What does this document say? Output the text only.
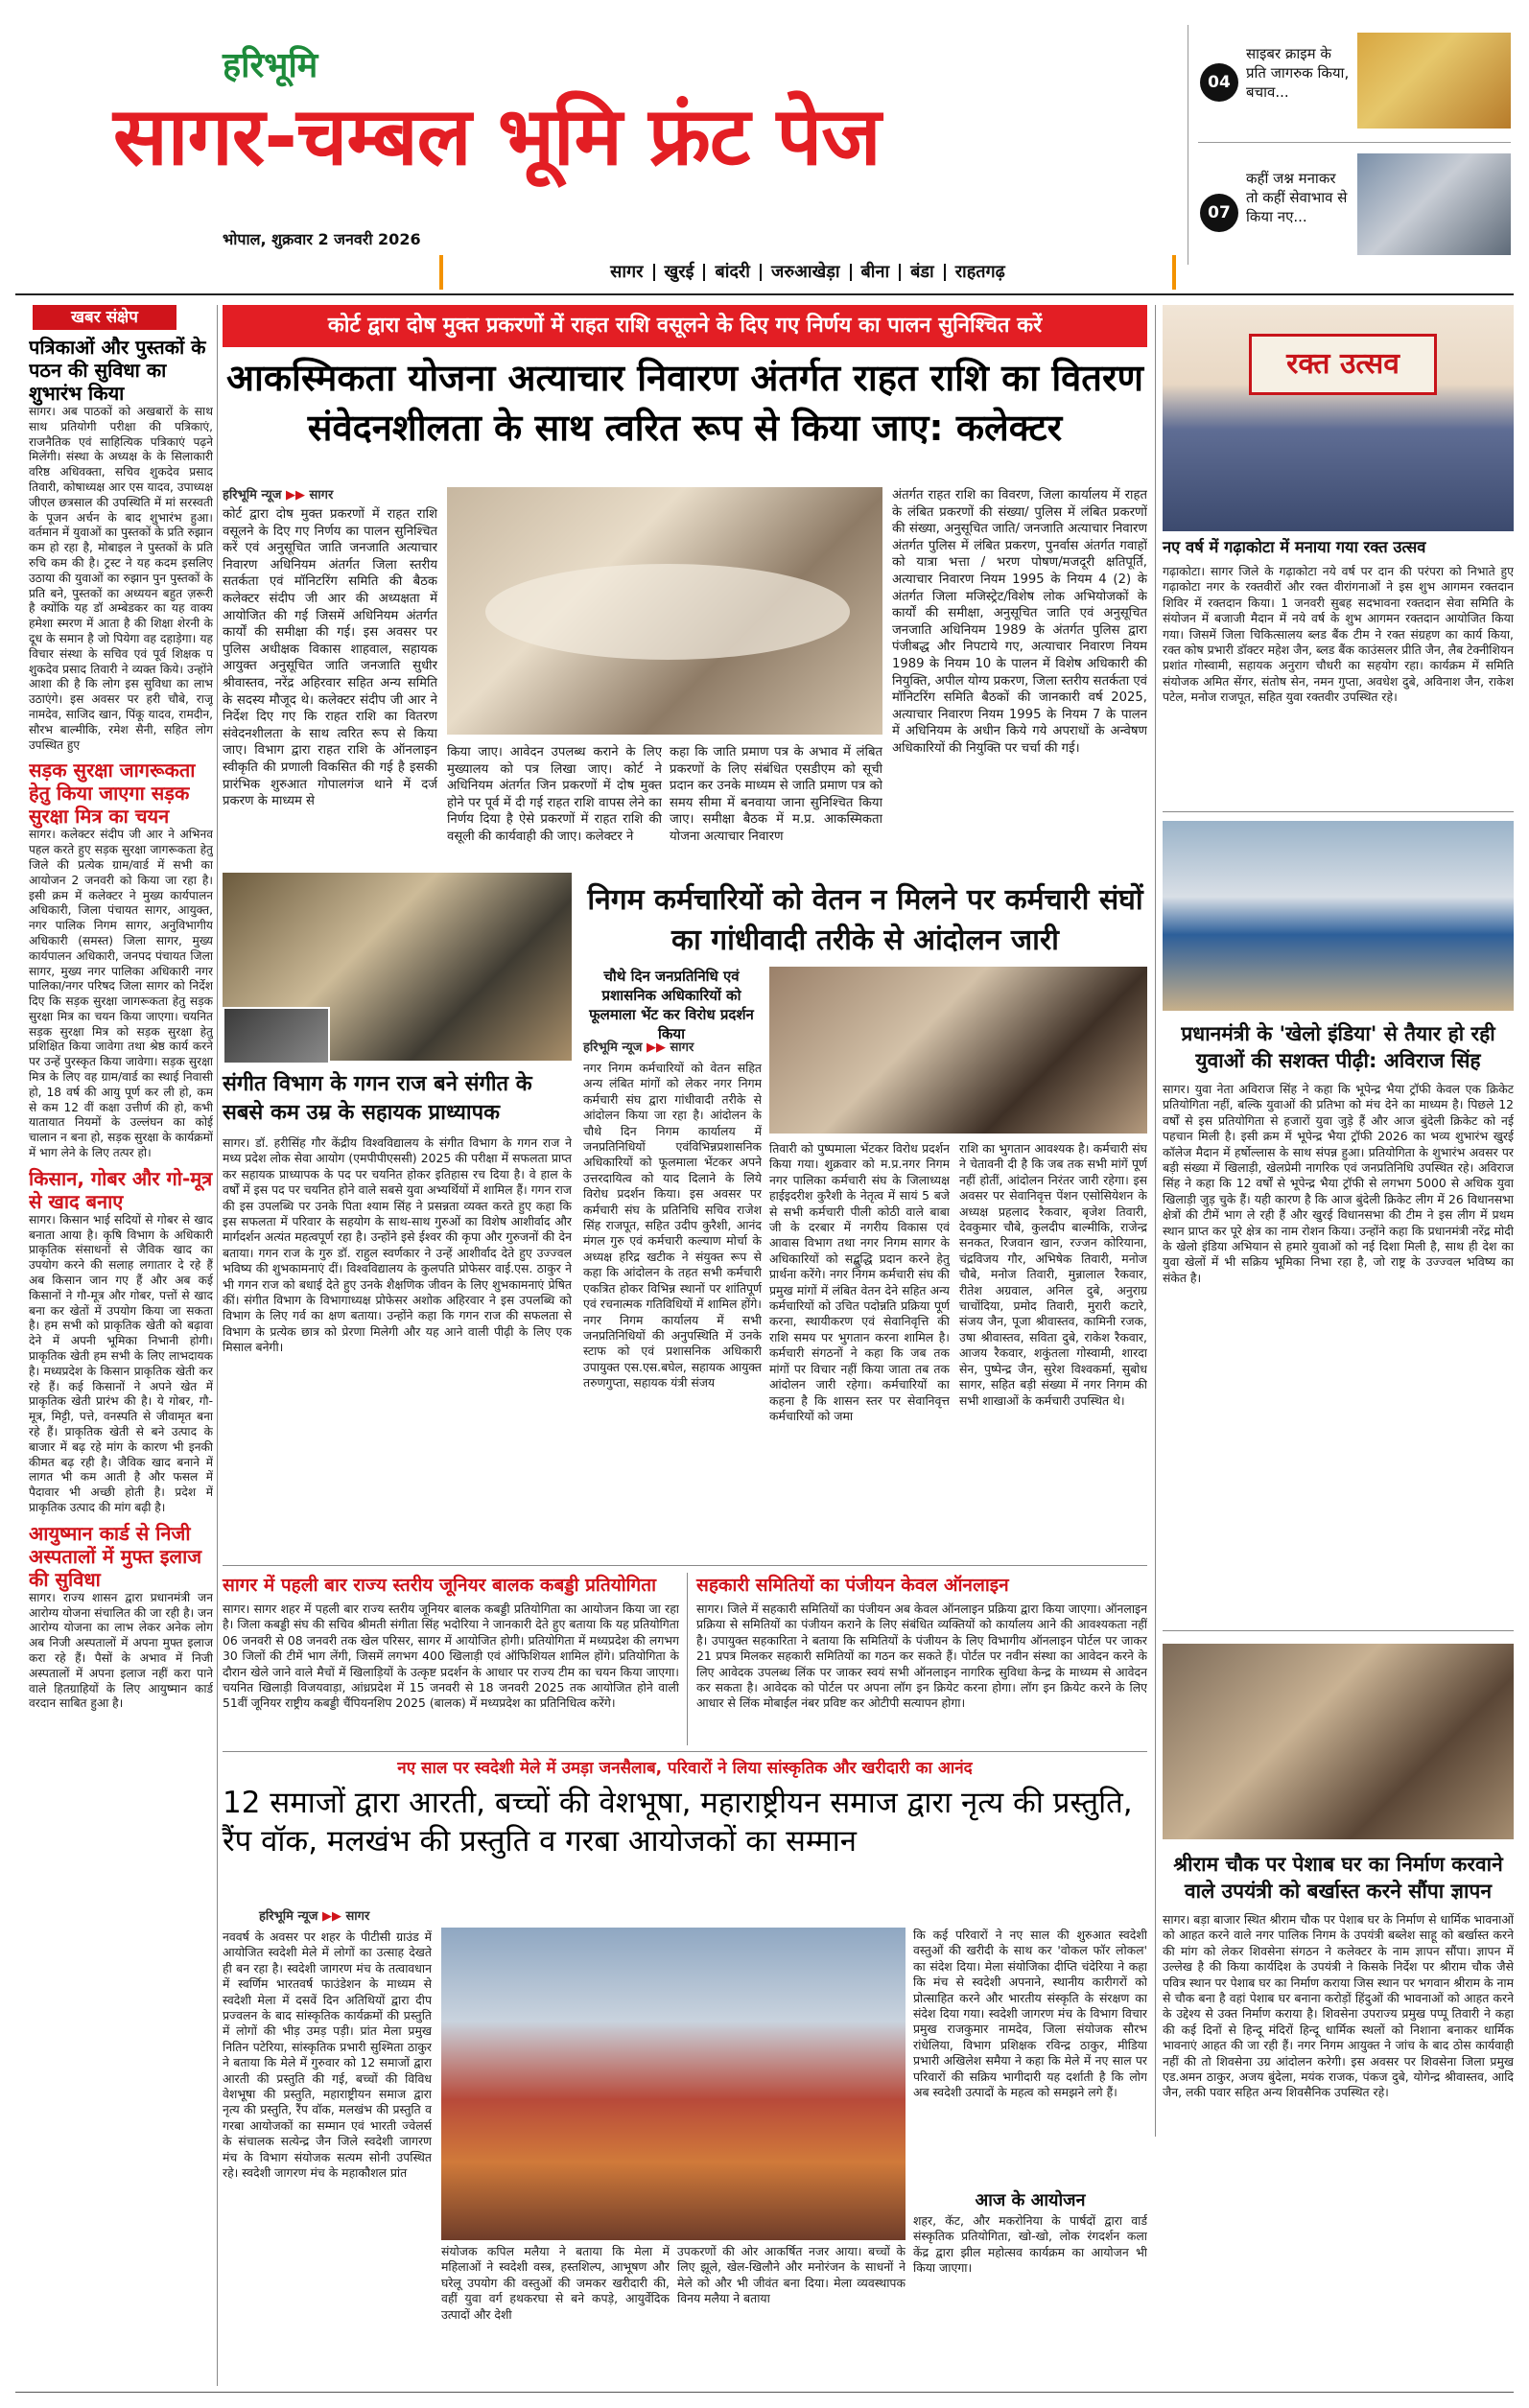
हरिभूमि
सागर-चम्बल भूमि फ्रंट पेज
भोपाल, शुक्रवार 2 जनवरी 2026
सागर	खुरई	बांदरी	जरुआखेड़ा	बीना	बंडा	राहतगढ़
04
साइबर क्राइम के प्रति जागरुक किया, बचाव...
07
कहीं जश्न मनाकर तो कहीं सेवाभाव से किया नए...
खबर संक्षेप
पत्रिकाओं और पुस्तकों के पठन की सुविधा का शुभारंभ किया
सागर। अब पाठकों को अखबारों के साथ साथ प्रतियोगी परीक्षा की पत्रिकाएं, राजनैतिक एवं साहित्यिक पत्रिकाएं पढ़ने मिलेंगी। संस्था के अध्यक्ष के के सिलाकारी वरिष्ठ अधिवक्ता, सचिव शुकदेव प्रसाद तिवारी, कोषाध्यक्ष आर एस यादव, उपाध्यक्ष जीएल छत्रसाल की उपस्थिति में मां सरस्वती के पूजन अर्चन के बाद शुभारंभ हुआ। वर्तमान में युवाओं का पुस्तकों के प्रति रुझान कम हो रहा है, मोबाइल ने पुस्तकों के प्रति रुचि कम की है। ट्रस्ट ने यह कदम इसलिए उठाया की युवाओं का रुझान पुन पुस्तकों के प्रति बने, पुस्तकों का अध्ययन बहुत ज़रूरी है क्योंकि यह डॉ अम्बेडकर का यह वाक्य हमेशा स्मरण में आता है की शिक्षा शेरनी के दूध के समान है जो पियेगा वह दहाड़ेगा। यह विचार संस्था के सचिव एवं पूर्व शिक्षक प शुकदेव प्रसाद तिवारी ने व्यक्त किये। उन्होंने आशा की है कि लोग इस सुविधा का लाभ उठाएंगे। इस अवसर पर हरी चौबे, राजू नामदेव, साजिद खान, पिंकू यादव, रामदीन, सौरभ बाल्मीकि, रमेश सैनी, सहित लोग उपस्थित हुए
सड़क सुरक्षा जागरूकता हेतु किया जाएगा सड़क सुरक्षा मित्र का चयन
सागर। कलेक्टर संदीप जी आर ने अभिनव पहल करते हुए सड़क सुरक्षा जागरूकता हेतु जिले की प्रत्येक ग्राम/वार्ड में सभी का आयोजन 2 जनवरी को किया जा रहा है। इसी क्रम में कलेक्टर ने मुख्य कार्यपालन अधिकारी, जिला पंचायत सागर, आयुक्त, नगर पालिक निगम सागर, अनुविभागीय अधिकारी (समस्त) जिला सागर, मुख्य कार्यपालन अधिकारी, जनपद पंचायत जिला सागर, मुख्य नगर पालिका अधिकारी नगर पालिका/नगर परिषद जिला सागर को निर्देश दिए कि सड़क सुरक्षा जागरूकता हेतु सड़क सुरक्षा मित्र का चयन किया जाएगा। चयनित सड़क सुरक्षा मित्र को सड़क सुरक्षा हेतु प्रशिक्षित किया जावेगा तथा श्रेष्ठ कार्य करने पर उन्हें पुरस्कृत किया जावेगा। सड़क सुरक्षा मित्र के लिए वह ग्राम/वार्ड का स्थाई निवासी हो, 18 वर्ष की आयु पूर्ण कर ली हो, कम से कम 12 वीं कक्षा उत्तीर्ण की हो, कभी यातायात नियमों के उल्लंघन का कोई चालान न बना हो, सड़क सुरक्षा के कार्यक्रमों में भाग लेने के लिए तत्पर हो।
किसान, गोबर और गो-मूत्र से खाद बनाए
सागर। किसान भाई सदियों से गोबर से खाद बनाता आया है। कृषि विभाग के अधिकारी प्राकृतिक संसाधनों से जैविक खाद का उपयोग करने की सलाह लगातार दे रहे हैं अब किसान जान गए हैं और अब कई किसानों ने गौ-मूत्र और गोबर, पत्तों से खाद बना कर खेतों में उपयोग किया जा सकता है। हम सभी को प्राकृतिक खेती को बढ़ावा देने में अपनी भूमिका निभानी होगी। प्राकृतिक खेती हम सभी के लिए लाभदायक है। मध्यप्रदेश के किसान प्राकृतिक खेती कर रहे हैं। कई किसानों ने अपने खेत में प्राकृतिक खेती प्रारंभ की है। ये गोबर, गौ-मूत्र, मिट्टी, पत्ते, वनस्पति से जीवामृत बना रहे हैं। प्राकृतिक खेती से बने उत्पाद के बाजार में बढ़ रहे मांग के कारण भी इनकी कीमत बढ़ रही है। जैविक खाद बनाने में लागत भी कम आती है और फसल में पैदावार भी अच्छी होती है। प्रदेश में प्राकृतिक उत्पाद की मांग बढ़ी है।
आयुष्मान कार्ड से निजी अस्पतालों में मुफ्त इलाज की सुविधा
सागर। राज्य शासन द्वारा प्रधानमंत्री जन आरोग्य योजना संचालित की जा रही है। जन आरोग्य योजना का लाभ लेकर अनेक लोग अब निजी अस्पतालों में अपना मुफ्त इलाज करा रहे हैं। पैसों के अभाव में निजी अस्पतालों में अपना इलाज नहीं करा पाने वाले हितग्राहियों के लिए आयुष्मान कार्ड वरदान साबित हुआ है।
कोर्ट द्वारा दोष मुक्त प्रकरणों में राहत राशि वसूलने के दिए गए निर्णय का पालन सुनिश्चित करें
आकस्मिकता योजना अत्याचार निवारण अंतर्गत राहत राशि का वितरण संवेदनशीलता के साथ त्वरित रूप से किया जाए: कलेक्टर
हरिभूमि न्यूज ▶▶ सागर
कोर्ट द्वारा दोष मुक्त प्रकरणों में राहत राशि वसूलने के दिए गए निर्णय का पालन सुनिश्चित करें एवं अनुसूचित जाति जनजाति अत्याचार निवारण अधिनियम अंतर्गत जिला स्तरीय सतर्कता एवं मॉनिटरिंग समिति की बैठक कलेक्टर संदीप जी आर की अध्यक्षता में आयोजित की गई जिसमें अधिनियम अंतर्गत कार्यों की समीक्षा की गई। इस अवसर पर पुलिस अधीक्षक विकास शाहवाल, सहायक आयुक्त अनुसूचित जाति जनजाति सुधीर श्रीवास्तव, नरेंद्र अहिरवार सहित अन्य समिति के सदस्य मौजूद थे। कलेक्टर संदीप जी आर ने निर्देश दिए गए कि राहत राशि का वितरण संवेदनशीलता के साथ त्वरित रूप से किया जाए। विभाग द्वारा राहत राशि के ऑनलाइन स्वीकृति की प्रणाली विकसित की गई है इसकी प्रारंभिक शुरुआत गोपालगंज थाने में दर्ज प्रकरण के माध्यम से
किया जाए। आवेदन उपलब्ध कराने के लिए मुख्यालय को पत्र लिखा जाए। कोर्ट ने अधिनियम अंतर्गत जिन प्रकरणों में दोष मुक्त होने पर पूर्व में दी गई राहत राशि वापस लेने का निर्णय दिया है ऐसे प्रकरणों में राहत राशि की वसूली की कार्यवाही की जाए। कलेक्टर ने
कहा कि जाति प्रमाण पत्र के अभाव में लंबित प्रकरणों के लिए संबंधित एसडीएम को सूची प्रदान कर उनके माध्यम से जाति प्रमाण पत्र को समय सीमा में बनवाया जाना सुनिश्चित किया जाए। समीक्षा बैठक में म.प्र. आकस्मिकता योजना अत्याचार निवारण
अंतर्गत राहत राशि का विवरण, जिला कार्यालय में राहत के लंबित प्रकरणों की संख्या/ पुलिस में लंबित प्रकरणों की संख्या, अनुसूचित जाति/ जनजाति अत्याचार निवारण अंतर्गत पुलिस में लंबित प्रकरण, पुनर्वास अंतर्गत गवाहों को यात्रा भत्ता / भरण पोषण/मजदूरी क्षतिपूर्ति, अत्याचार निवारण नियम 1995 के नियम 4 (2) के अंतर्गत जिला मजिस्ट्रेट/विशेष लोक अभियोजकों के कार्यों की समीक्षा, अनुसूचित जाति एवं अनुसूचित जनजाति अधिनियम 1989 के अंतर्गत पुलिस द्वारा पंजीबद्ध और निपटाये गए, अत्याचार निवारण नियम 1989 के नियम 10 के पालन में विशेष अधिकारी की नियुक्ति, अपील योग्य प्रकरण, जिला स्तरीय सतर्कता एवं मॉनिटरिंग समिति बैठकों की जानकारी वर्ष 2025, अत्याचार निवारण नियम 1995 के नियम 7 के पालन में अधिनियम के अधीन किये गये अपराधों के अन्वेषण अधिकारियों की नियुक्ति पर चर्चा की गई।
रक्त उत्सव
नए वर्ष में गढ़ाकोटा में मनाया गया रक्त उत्सव
गढ़ाकोटा। सागर जिले के गढ़ाकोटा नये वर्ष पर दान की परंपरा को निभाते हुए गढ़ाकोटा नगर के रक्तवीरों और रक्त वीरांगनाओं ने इस शुभ आगमन रक्तदान शिविर में रक्तदान किया। 1 जनवरी सुबह सदभावना रक्तदान सेवा समिति के संयोजन में बजाजी मैदान में नये वर्ष के शुभ आगमन रक्तदान आयोजित किया गया। जिसमें जिला चिकित्सालय ब्लड बैंक टीम ने रक्त संग्रहण का कार्य किया, रक्त कोष प्रभारी डॉक्टर महेश जैन, ब्लड बैंक काउंसलर प्रीति जैन, लैब टेक्नीशियन प्रशांत गोस्वामी, सहायक अनुराग चौधरी का सहयोग रहा। कार्यक्रम में समिति संयोजक अमित सेंगर, संतोष सेन, नमन गुप्ता, अवधेश दुबे, अविनाश जैन, राकेश पटेल, मनोज राजपूत, सहित युवा रक्तवीर उपस्थित रहे।
प्रधानमंत्री के 'खेलो इंडिया' से तैयार हो रही युवाओं की सशक्त पीढ़ी: अविराज सिंह
सागर। युवा नेता अविराज सिंह ने कहा कि भूपेन्द्र भैया ट्रॉफी केवल एक क्रिकेट प्रतियोगिता नहीं, बल्कि युवाओं की प्रतिभा को मंच देने का माध्यम है। पिछले 12 वर्षों से इस प्रतियोगिता से हजारों युवा जुड़े हैं और आज बुंदेली क्रिकेट को नई पहचान मिली है। इसी क्रम में भूपेन्द्र भैया ट्रॉफी 2026 का भव्य शुभारंभ खुरई कॉलेज मैदान में हर्षोल्लास के साथ संपन्न हुआ। प्रतियोगिता के शुभारंभ अवसर पर बड़ी संख्या में खिलाड़ी, खेलप्रेमी नागरिक एवं जनप्रतिनिधि उपस्थित रहे। अविराज सिंह ने कहा कि 12 वर्षों से भूपेन्द्र भैया ट्रॉफी से लगभग 5000 से अधिक युवा खिलाड़ी जुड़ चुके हैं। यही कारण है कि आज बुंदेली क्रिकेट लीग में 26 विधानसभा क्षेत्रों की टीमें भाग ले रही हैं और खुरई विधानसभा की टीम ने इस लीग में प्रथम स्थान प्राप्त कर पूरे क्षेत्र का नाम रोशन किया। उन्होंने कहा कि प्रधानमंत्री नरेंद्र मोदी के खेलो इंडिया अभियान से हमारे युवाओं को नई दिशा मिली है, साथ ही देश का युवा खेलों में भी सक्रिय भूमिका निभा रहा है, जो राष्ट्र के उज्ज्वल भविष्य का संकेत है।
संगीत विभाग के गगन राज बने संगीत के सबसे कम उम्र के सहायक प्राध्यापक
सागर। डॉ. हरीसिंह गौर केंद्रीय विश्वविद्यालय के संगीत विभाग के गगन राज ने मध्य प्रदेश लोक सेवा आयोग (एमपीपीएससी) 2025 की परीक्षा में सफलता प्राप्त कर सहायक प्राध्यापक के पद पर चयनित होकर इतिहास रच दिया है। वे हाल के वर्षों में इस पद पर चयनित होने वाले सबसे युवा अभ्यर्थियों में शामिल हैं। गगन राज की इस उपलब्धि पर उनके पिता श्याम सिंह ने प्रसन्नता व्यक्त करते हुए कहा कि इस सफलता में परिवार के सहयोग के साथ-साथ गुरुओं का विशेष आशीर्वाद और मार्गदर्शन अत्यंत महत्वपूर्ण रहा है। उन्होंने इसे ईश्वर की कृपा और गुरुजनों की देन बताया। गगन राज के गुरु डॉ. राहुल स्वर्णकार ने उन्हें आशीर्वाद देते हुए उज्ज्वल भविष्य की शुभकामनाएं दीं। विश्वविद्यालय के कुलपति प्रोफेसर वाई.एस. ठाकुर ने भी गगन राज को बधाई देते हुए उनके शैक्षणिक जीवन के लिए शुभकामनाएं प्रेषित कीं। संगीत विभाग के विभागाध्यक्ष प्रोफेसर अशोक अहिरवार ने इस उपलब्धि को विभाग के लिए गर्व का क्षण बताया। उन्होंने कहा कि गगन राज की सफलता से विभाग के प्रत्येक छात्र को प्रेरणा मिलेगी और यह आने वाली पीढ़ी के लिए एक मिसाल बनेगी।
निगम कर्मचारियों को वेतन न मिलने पर कर्मचारी संघों का गांधीवादी तरीके से आंदोलन जारी
चौथे दिन जनप्रतिनिधि एवं प्रशासनिक अधिकारियों को फूलमाला भेंट कर विरोध प्रदर्शन किया
हरिभूमि न्यूज ▶▶ सागर
नगर निगम कर्मचारियों को वेतन सहित अन्य लंबित मांगों को लेकर नगर निगम कर्मचारी संघ द्वारा गांधीवादी तरीके से आंदोलन किया जा रहा है। आंदोलन के चौथे दिन निगम कार्यालय में जनप्रतिनिधियों एवंविभिन्नप्रशासनिक अधिकारियों को फूलमाला भेंटकर अपने उत्तरदायित्व को याद दिलाने के लिये विरोध प्रदर्शन किया। इस अवसर पर कर्मचारी संघ के प्रतिनिधि सचिव राजेश सिंह राजपूत, सहित उदीप कुरैशी, आनंद मंगल गुरु एवं कर्मचारी कल्याण मोर्चा के अध्यक्ष हरिद्र खटीक ने संयुक्त रूप से कहा कि आंदोलन के तहत सभी कर्मचारी एकत्रित होकर विभिन्न स्थानों पर शांतिपूर्ण एवं रचनात्मक गतिविधियों में शामिल होंगे। नगर निगम कार्यालय में सभी जनप्रतिनिधियों की अनुपस्थिति में उनके स्टाफ को एवं प्रशासनिक अधिकारी उपायुक्त एस.एस.बघेल, सहायक आयुक्त तरुणगुप्ता, सहायक यंत्री संजय
तिवारी को पुष्पमाला भेंटकर विरोध प्रदर्शन किया गया। शुक्रवार को म.प्र.नगर निगम नगर पालिका कर्मचारी संघ के जिलाध्यक्ष हाईइदरीश कुरैशी के नेतृत्व में सायं 5 बजे से सभी कर्मचारी पीली कोठी वाले बाबा जी के दरबार में नगरीय विकास एवं आवास विभाग तथा नगर निगम सागर के अधिकारियों को सद्बुद्धि प्रदान करने हेतु प्रार्थना करेंगे। नगर निगम कर्मचारी संघ की प्रमुख मांगों में लंबित वेतन देने सहित अन्य कर्मचारियों को उचित पदोन्नति प्रक्रिया पूर्ण करना, स्थायीकरण एवं सेवानिवृत्ति की राशि समय पर भुगतान करना शामिल है। कर्मचारी संगठनों ने कहा कि जब तक मांगों पर विचार नहीं किया जाता तब तक आंदोलन जारी रहेगा। कर्मचारियों का कहना है कि शासन स्तर पर सेवानिवृत्त कर्मचारियों को जमा
राशि का भुगतान आवश्यक है। कर्मचारी संघ ने चेतावनी दी है कि जब तक सभी मांगें पूर्ण नहीं होतीं, आंदोलन निरंतर जारी रहेगा। इस अवसर पर सेवानिवृत्त पेंशन एसोसियेशन के अध्यक्ष प्रहलाद रैकवार, बृजेश तिवारी, देवकुमार चौबे, कुलदीप बाल्मीकि, राजेन्द्र सनकत, रिजवान खान, रज्जन कोरियाना, चंद्रविजय गौर, अभिषेक तिवारी, मनोज चौबे, मनोज तिवारी, मुन्नालाल रैकवार, रीतेश अग्रवाल, अनिल दुबे, अनुराग्र चाचोंदिया, प्रमोद तिवारी, मुरारी कटारे, संजय जैन, पूजा श्रीवास्तव, कामिनी रजक, उषा श्रीवास्तव, सविता दुबे, राकेश रैकवार, आजय रैकवार, शकुंतला गोस्वामी, शारदा सेन, पुष्पेन्द्र जैन, सुरेश विश्वकर्मा, सुबोध सागर, सहित बड़ी संख्या में नगर निगम की सभी शाखाओं के कर्मचारी उपस्थित थे।
सागर में पहली बार राज्य स्तरीय जूनियर बालक कबड्डी प्रतियोगिता
सागर। सागर शहर में पहली बार राज्य स्तरीय जूनियर बालक कबड्डी प्रतियोगिता का आयोजन किया जा रहा है। जिला कबड्डी संघ की सचिव श्रीमती संगीता सिंह भदोरिया ने जानकारी देते हुए बताया कि यह प्रतियोगिता 06 जनवरी से 08 जनवरी तक खेल परिसर, सागर में आयोजित होगी। प्रतियोगिता में मध्यप्रदेश की लगभग 30 जिलों की टीमें भाग लेंगी, जिसमें लगभग 400 खिलाड़ी एवं ऑफिशियल शामिल होंगे। प्रतियोगिता के दौरान खेले जाने वाले मैचों में खिलाड़ियों के उत्कृष्ट प्रदर्शन के आधार पर राज्य टीम का चयन किया जाएगा। चयनित खिलाड़ी विजयवाड़ा, आंध्रप्रदेश में 15 जनवरी से 18 जनवरी 2025 तक आयोजित होने वाली 51वीं जूनियर राष्ट्रीय कबड्डी चैंपियनशिप 2025 (बालक) में मध्यप्रदेश का प्रतिनिधित्व करेंगे।
सहकारी समितियों का पंजीयन केवल ऑनलाइन
सागर। जिले में सहकारी समितियों का पंजीयन अब केवल ऑनलाइन प्रक्रिया द्वारा किया जाएगा। ऑनलाइन प्रक्रिया से समितियों का पंजीयन कराने के लिए संबंधित व्यक्तियों को कार्यालय आने की आवश्यकता नहीं है। उपायुक्त सहकारिता ने बताया कि समितियों के पंजीयन के लिए विभागीय ऑनलाइन पोर्टल पर जाकर 21 प्रपत्र मिलकर सहकारी समितियों का गठन कर सकते हैं। पोर्टल पर नवीन संस्था का आवेदन करने के लिए आवेदक उपलब्ध लिंक पर जाकर स्वयं सभी ऑनलाइन नागरिक सुविधा केन्द्र के माध्यम से आवेदन कर सकता है। आवेदक को पोर्टल पर अपना लॉग इन क्रियेट करना होगा। लॉग इन क्रियेट करने के लिए आधार से लिंक मोबाईल नंबर प्रविष्ट कर ओटीपी सत्यापन होगा।
नए साल पर स्वदेशी मेले में उमड़ा जनसैलाब, परिवारों ने लिया सांस्कृतिक और खरीदारी का आनंद
12 समाजों द्वारा आरती, बच्चों की वेशभूषा, महाराष्ट्रीयन समाज द्वारा नृत्य की प्रस्तुति, रैंप वॉक, मलखंभ की प्रस्तुति व गरबा आयोजकों का सम्मान
हरिभूमि न्यूज ▶▶ सागर
नववर्ष के अवसर पर शहर के पीटीसी ग्राउंड में आयोजित स्वदेशी मेले में लोगों का उत्साह देखते ही बन रहा है। स्वदेशी जागरण मंच के तत्वावधान में स्वर्णिम भारतवर्ष फाउंडेशन के माध्यम से स्वदेशी मेला में दसवें दिन अतिथियों द्वारा दीप प्रज्वलन के बाद सांस्कृतिक कार्यक्रमों की प्रस्तुति में लोगों की भीड़ उमड़ पड़ी। प्रांत मेला प्रमुख नितिन पटेरिया, सांस्कृतिक प्रभारी सुश्मिता ठाकुर ने बताया कि मेले में गुरुवार को 12 समाजों द्वारा आरती की प्रस्तुति की गई, बच्चों की विविध वेशभूषा की प्रस्तुति, महाराष्ट्रीयन समाज द्वारा नृत्य की प्रस्तुति, रैंप वॉक, मलखंभ की प्रस्तुति व गरबा आयोजकों का सम्मान एवं भारती ज्वेलर्स के संचालक सत्येन्द्र जैन जिले स्वदेशी जागरण मंच के विभाग संयोजक सत्यम सोनी उपस्थित रहे। स्वदेशी जागरण मंच के महाकौशल प्रांत
संयोजक कपिल मलैया ने बताया कि मेला में महिलाओं ने स्वदेशी वस्त्र, हस्तशिल्प, आभूषण और घरेलू उपयोग की वस्तुओं की जमकर खरीदारी की, वहीं युवा वर्ग हथकरघा से बने कपड़े, आयुर्वेदिक उत्पादों और देशी
उपकरणों की ओर आकर्षित नजर आया। बच्चों के लिए झूले, खेल-खिलौने और मनोरंजन के साधनों ने मेले को और भी जीवंत बना दिया। मेला व्यवस्थापक विनय मलैया ने बताया
कि कई परिवारों ने नए साल की शुरुआत स्वदेशी वस्तुओं की खरीदी के साथ कर 'वोकल फॉर लोकल' का संदेश दिया। मेला संयोजिका दीप्ति चंदेरिया ने कहा कि मंच से स्वदेशी अपनाने, स्थानीय कारीगरों को प्रोत्साहित करने और भारतीय संस्कृति के संरक्षण का संदेश दिया गया। स्वदेशी जागरण मंच के विभाग विचार प्रमुख राजकुमार नामदेव, जिला संयोजक सौरभ रांधेलिया, विभाग प्रशिक्षक रविन्द्र ठाकुर, मीडिया प्रभारी अखिलेश समैया ने कहा कि मेले में नए साल पर परिवारों की सक्रिय भागीदारी यह दर्शाती है कि लोग अब स्वदेशी उत्पादों के महत्व को समझने लगे हैं।
आज के आयोजन
शहर, कॅट, और मकरोनिया के पार्षदों द्वारा वार्ड संस्कृतिक प्रतियोगिता, खो-खो, लोक रंगदर्शन कला केंद्र द्वारा झील महोत्सव कार्यक्रम का आयोजन भी किया जाएगा।
श्रीराम चौक पर पेशाब घर का निर्माण करवाने वाले उपयंत्री को बर्खास्त करने सौंपा ज्ञापन
सागर। बड़ा बाजार स्थित श्रीराम चौक पर पेशाब घर के निर्माण से धार्मिक भावनाओं को आहत करने वाले नगर पालिक निगम के उपयंत्री बब्लेश साहू को बर्खास्त करने की मांग को लेकर शिवसेना संगठन ने कलेक्टर के नाम ज्ञापन सौंपा। ज्ञापन में उल्लेख है की किया कार्यदिश के उपयंत्री ने किसके निर्देश पर श्रीराम चौक जैसे पवित्र स्थान पर पेशाब घर का निर्माण कराया जिस स्थान पर भगवान श्रीराम के नाम से चौक बना है वहां पेशाब घर बनाना करोड़ों हिंदुओं की भावनाओं को आहत करने के उद्देश्य से उक्त निर्माण कराया है। शिवसेना उपराज्य प्रमुख पप्पू तिवारी ने कहा की कई दिनों से हिन्दू मंदिरों हिन्दू धार्मिक स्थलों को निशाना बनाकर धार्मिक भावनाएं आहत की जा रही हैं। नगर निगम आयुक्त ने जांच के बाद ठोस कार्यवाही नहीं की तो शिवसेना उग्र आंदोलन करेगी। इस अवसर पर शिवसेना जिला प्रमुख एड.अमन ठाकुर, अजय बुंदेला, मयंक राजक, पंकज दुबे, योगेन्द्र श्रीवास्तव, आदि जैन, लकी पवार सहित अन्य शिवसैनिक उपस्थित रहे।
